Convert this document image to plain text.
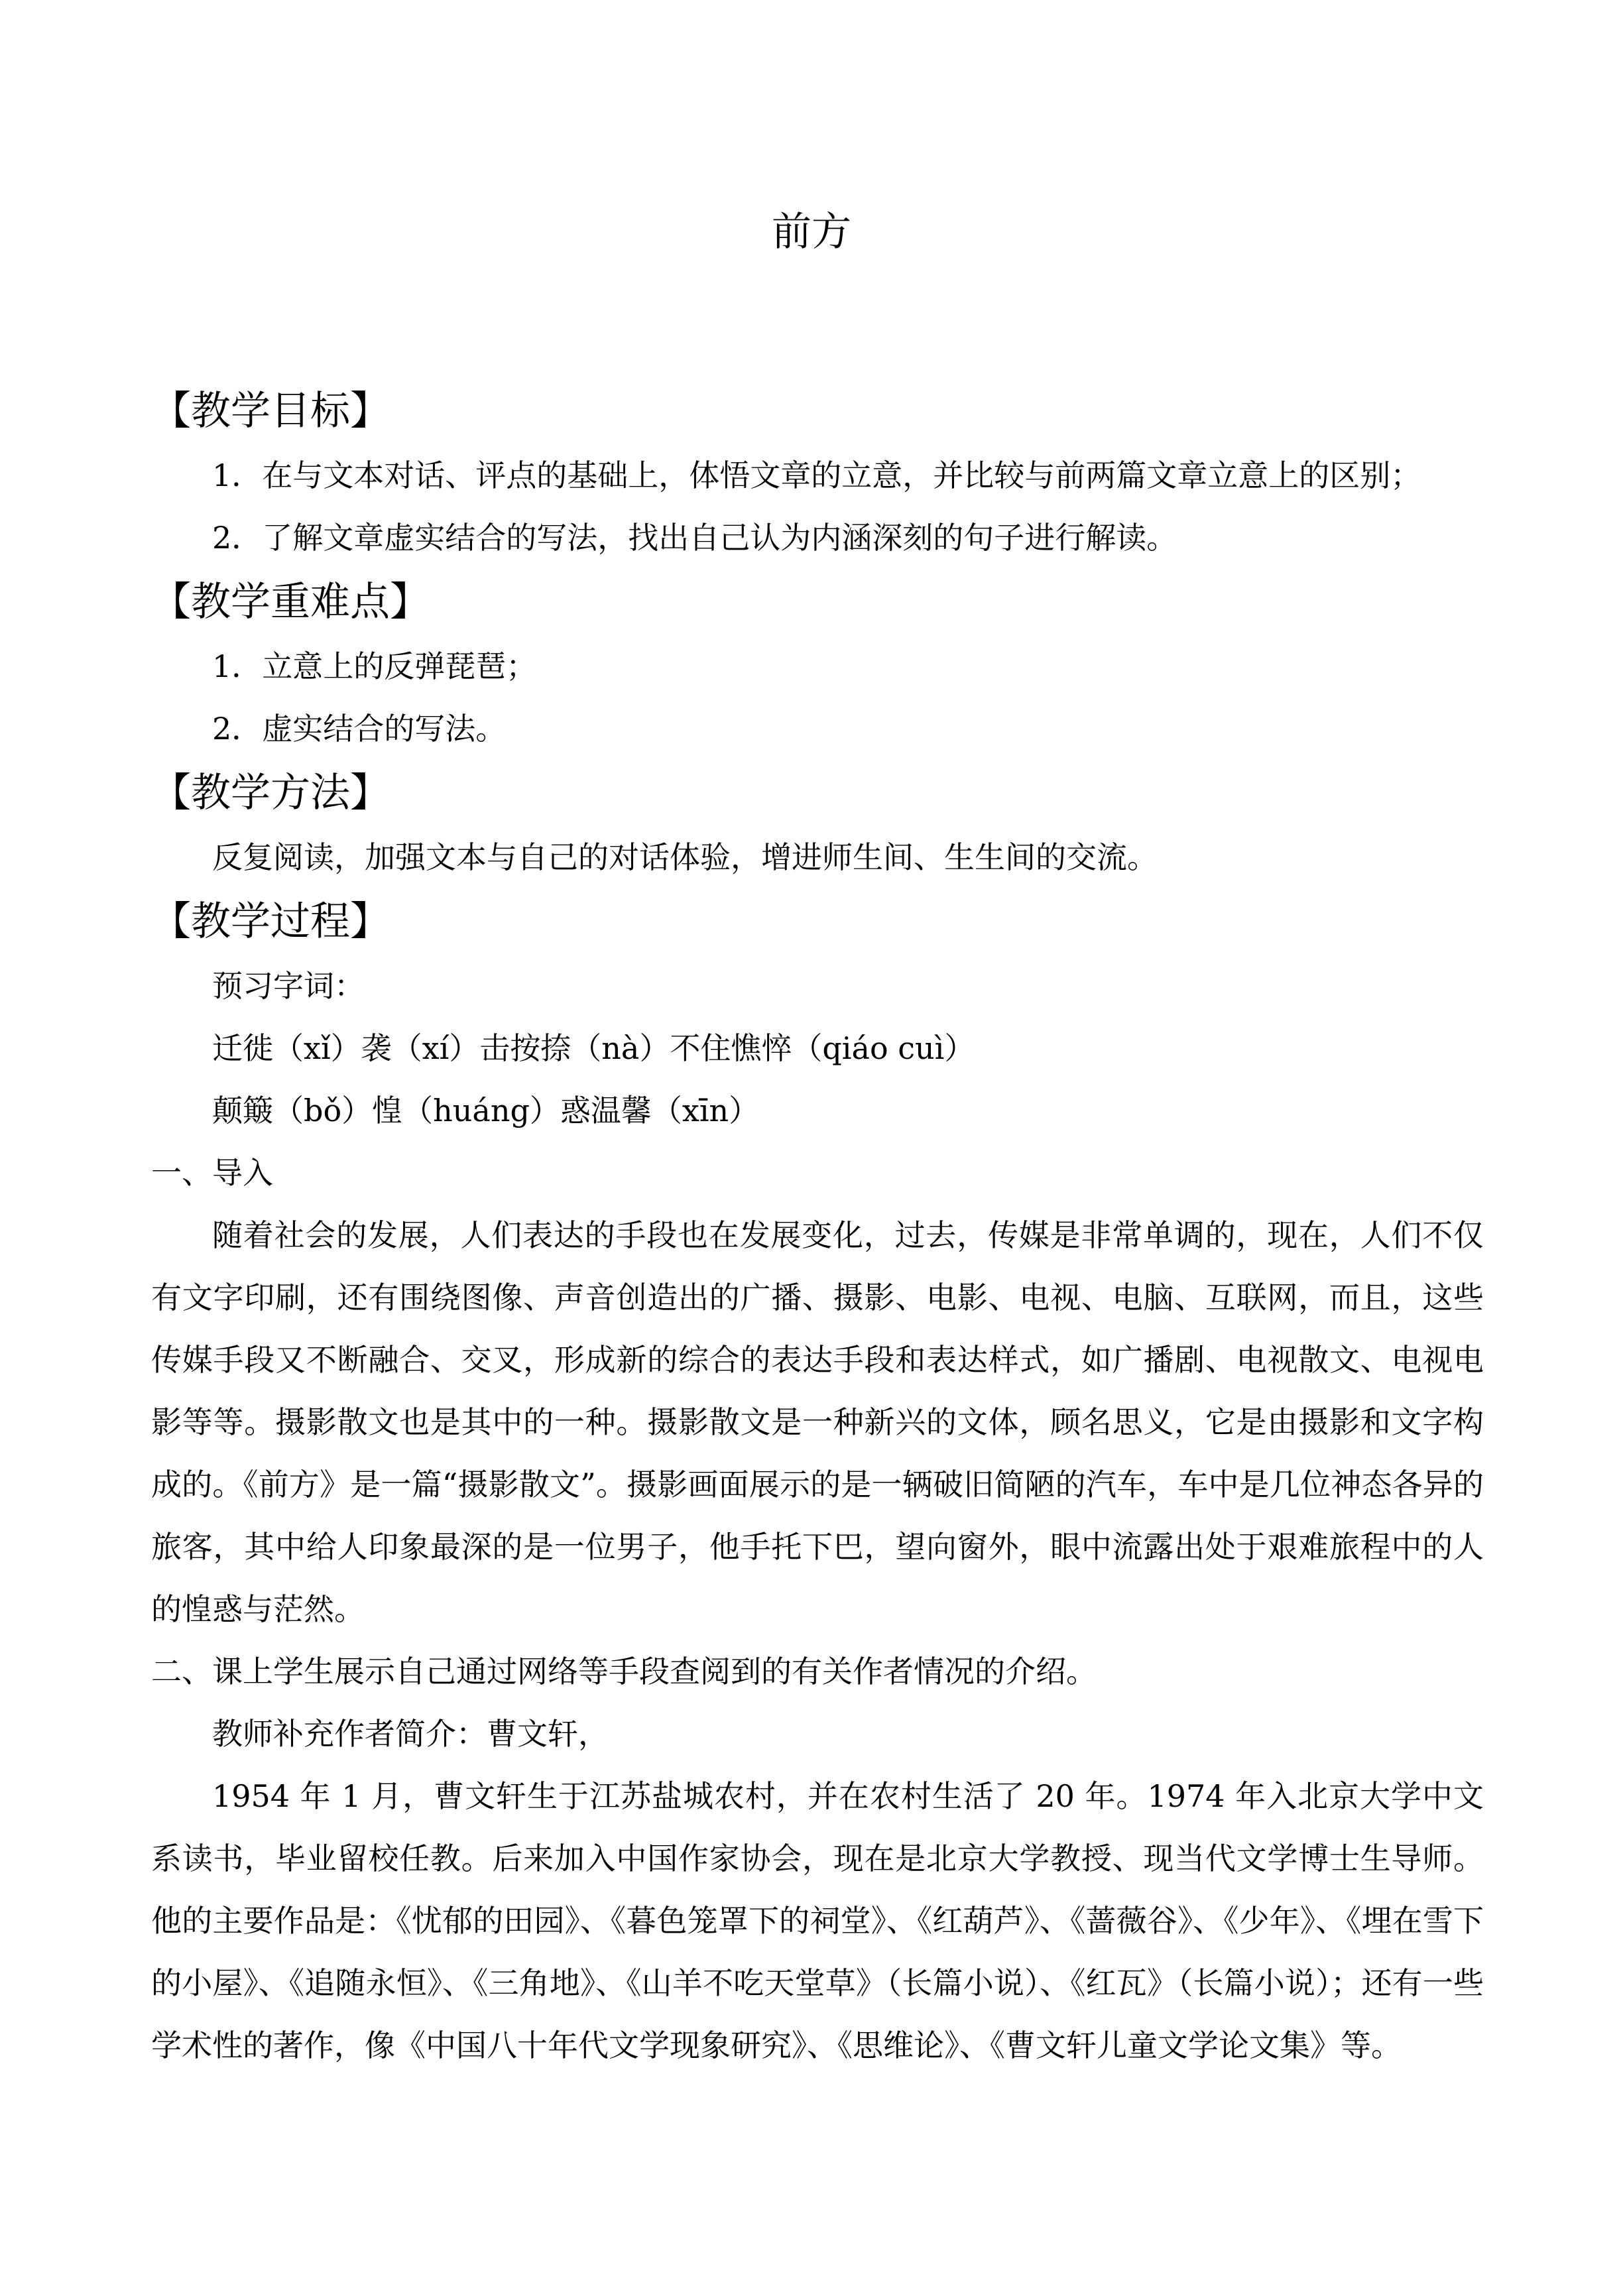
前方

【教学目标】

1．在与文本对话、评点的基础上，体悟文章的立意，并比较与前两篇文章立意上的区别；

2．了解文章虚实结合的写法，找出自己认为内涵深刻的句子进行解读。

【教学重难点】

1．立意上的反弹琵琶；

2．虚实结合的写法。

【教学方法】

反复阅读，加强文本与自己的对话体验，增进师生间、生生间的交流。

【教学过程】

预习字词：

迁徙（xǐ）袭（xí）击按捺（nà）不住憔悴（qiáo cuì）

颠簸（bǒ）惶（huáng）惑温馨（xīn）

一、导入

随着社会的发展，人们表达的手段也在发展变化，过去，传媒是非常单调的，现在，人们不仅有文字印刷，还有围绕图像、声音创造出的广播、摄影、电影、电视、电脑、互联网，而且，这些传媒手段又不断融合、交叉，形成新的综合的表达手段和表达样式，如广播剧、电视散文、电视电影等等。摄影散文也是其中的一种。摄影散文是一种新兴的文体，顾名思义，它是由摄影和文字构成的。《前方》是一篇“摄影散文”。摄影画面展示的是一辆破旧简陋的汽车，车中是几位神态各异的旅客，其中给人印象最深的是一位男子，他手托下巴，望向窗外，眼中流露出处于艰难旅程中的人的惶惑与茫然。

二、课上学生展示自己通过网络等手段查阅到的有关作者情况的介绍。

教师补充作者简介：曹文轩，

1954 年 1 月，曹文轩生于江苏盐城农村，并在农村生活了 20 年。1974 年入北京大学中文系读书，毕业留校任教。后来加入中国作家协会，现在是北京大学教授、现当代文学博士生导师。他的主要作品是：《忧郁的田园》、《暮色笼罩下的祠堂》、《红葫芦》、《蔷薇谷》、《少年》、《埋在雪下的小屋》、《追随永恒》、《三角地》、《山羊不吃天堂草》（长篇小说）、《红瓦》（长篇小说）；还有一些学术性的著作，像《中国八十年代文学现象研究》、《思维论》、《曹文轩儿童文学论文集》等。
